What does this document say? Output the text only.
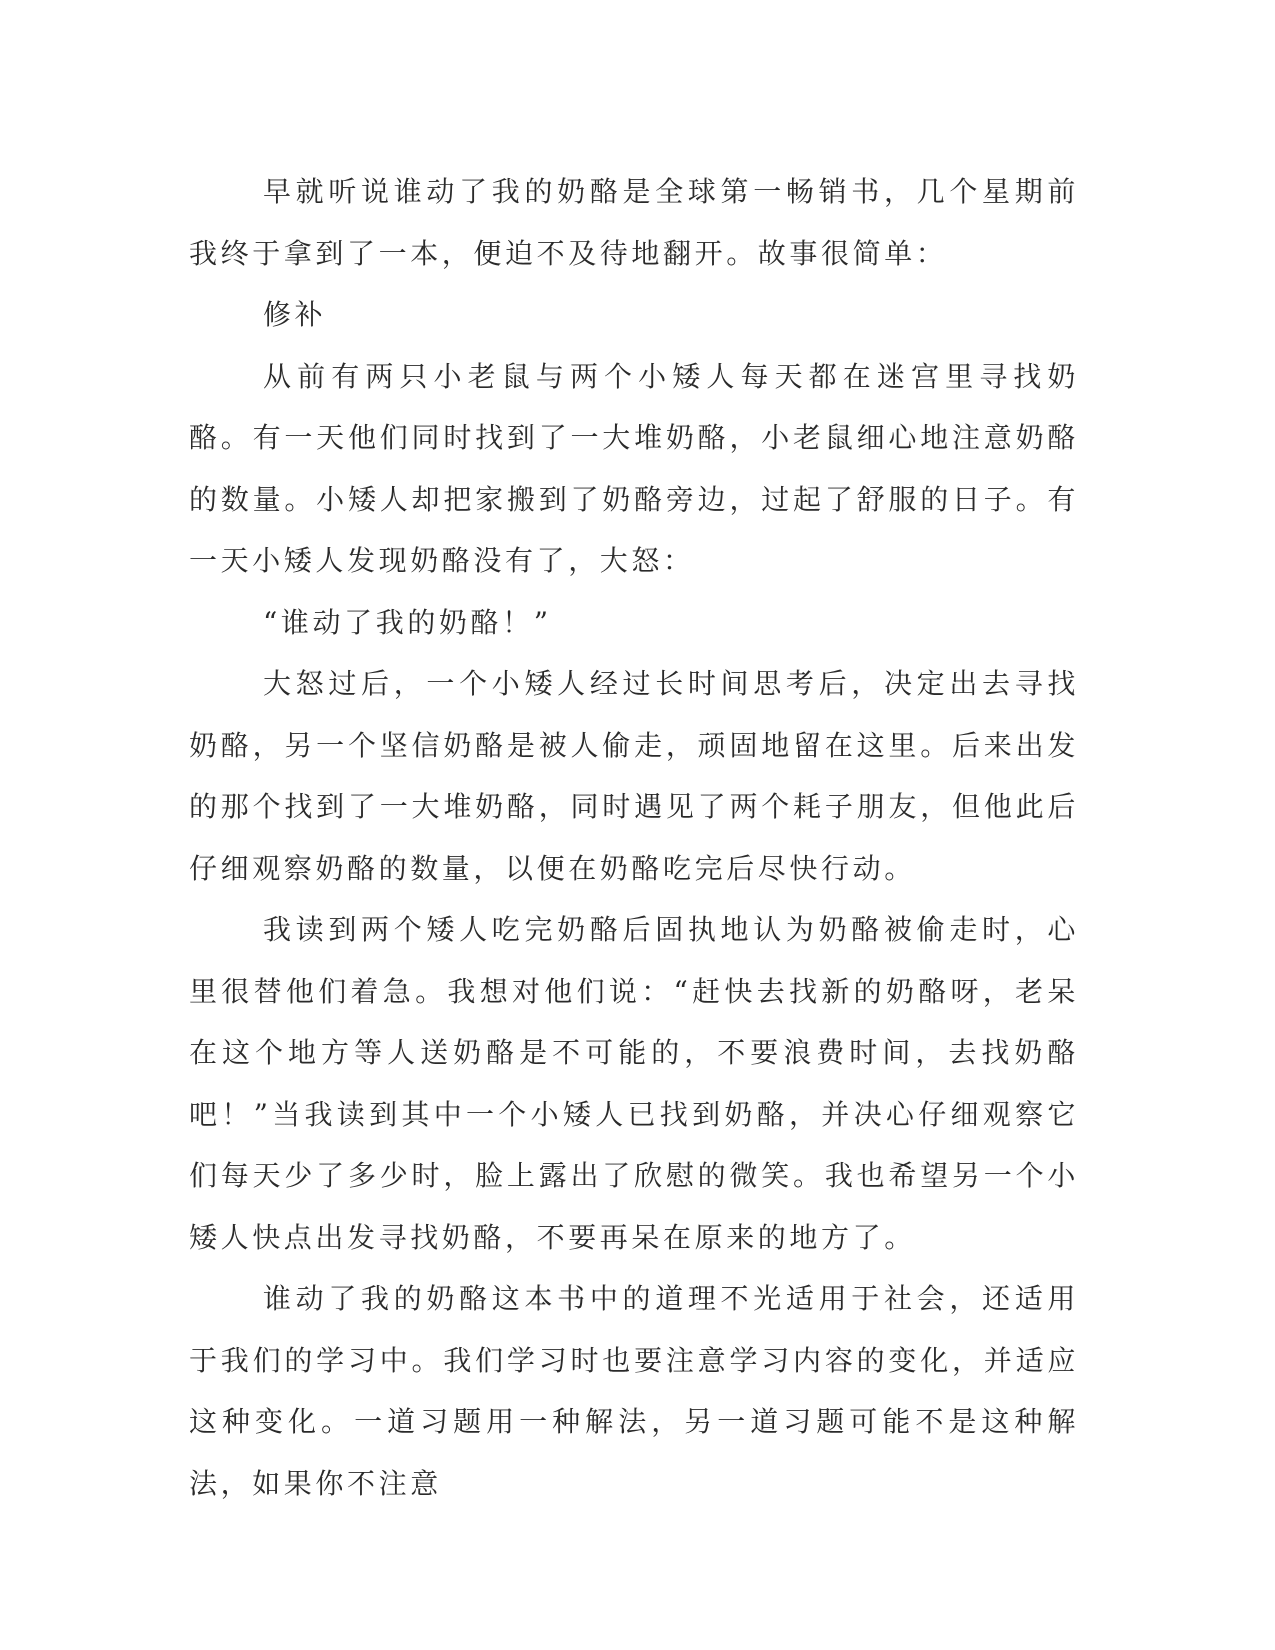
早就听说谁动了我的奶酪是全球第一畅销书，几个星期前我终于拿到了一本，便迫不及待地翻开。故事很简单：

修补

从前有两只小老鼠与两个小矮人每天都在迷宫里寻找奶酪。有一天他们同时找到了一大堆奶酪，小老鼠细心地注意奶酪的数量。小矮人却把家搬到了奶酪旁边，过起了舒服的日子。有一天小矮人发现奶酪没有了，大怒：

“谁动了我的奶酪！”

大怒过后，一个小矮人经过长时间思考后，决定出去寻找奶酪，另一个坚信奶酪是被人偷走，顽固地留在这里。后来出发的那个找到了一大堆奶酪，同时遇见了两个耗子朋友，但他此后仔细观察奶酪的数量，以便在奶酪吃完后尽快行动。

我读到两个矮人吃完奶酪后固执地认为奶酪被偷走时，心里很替他们着急。我想对他们说：“赶快去找新的奶酪呀，老呆在这个地方等人送奶酪是不可能的，不要浪费时间，去找奶酪吧！”当我读到其中一个小矮人已找到奶酪，并决心仔细观察它们每天少了多少时，脸上露出了欣慰的微笑。我也希望另一个小矮人快点出发寻找奶酪，不要再呆在原来的地方了。

谁动了我的奶酪这本书中的道理不光适用于社会，还适用于我们的学习中。我们学习时也要注意学习内容的变化，并适应这种变化。一道习题用一种解法，另一道习题可能不是这种解法，如果你不注意
